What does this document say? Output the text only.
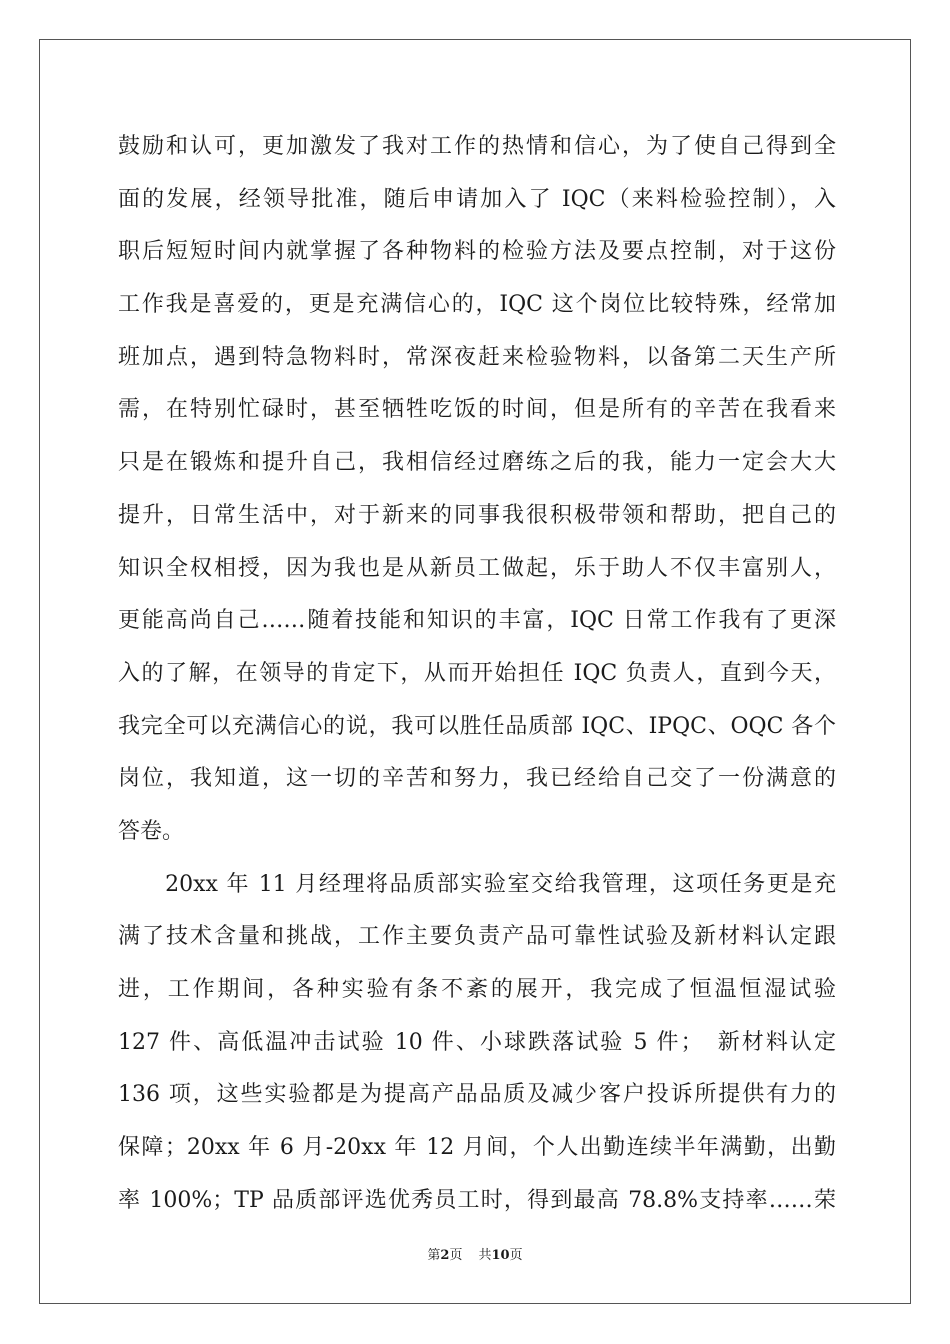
鼓励和认可，更加激发了我对工作的热情和信心，为了使自己得到全
面的发展，经领导批准，随后申请加入了 IQC（来料检验控制），入
职后短短时间内就掌握了各种物料的检验方法及要点控制，对于这份
工作我是喜爱的，更是充满信心的，IQC 这个岗位比较特殊，经常加
班加点，遇到特急物料时，常深夜赶来检验物料，以备第二天生产所
需，在特别忙碌时，甚至牺牲吃饭的时间，但是所有的辛苦在我看来
只是在锻炼和提升自己，我相信经过磨练之后的我，能力一定会大大
提升，日常生活中，对于新来的同事我很积极带领和帮助，把自己的
知识全权相授，因为我也是从新员工做起，乐于助人不仅丰富别人，
更能高尚自己……随着技能和知识的丰富，IQC 日常工作我有了更深
入的了解，在领导的肯定下，从而开始担任 IQC 负责人，直到今天，
我完全可以充满信心的说，我可以胜任品质部 IQC、IPQC、OQC 各个
岗位，我知道，这一切的辛苦和努力，我已经给自己交了一份满意的
答卷。
　　20xx 年 11 月经理将品质部实验室交给我管理，这项任务更是充
满了技术含量和挑战，工作主要负责产品可靠性试验及新材料认定跟
进，工作期间，各种实验有条不紊的展开，我完成了恒温恒湿试验
127 件、高低温冲击试验 10 件、小球跌落试验 5 件；　新材料认定
136 项，这些实验都是为提高产品品质及减少客户投诉所提供有力的
保障；20xx 年 6 月-20xx 年 12 月间，个人出勤连续半年满勤，出勤
率 100%；TP 品质部评选优秀员工时，得到最高 78.8%支持率……荣
第2页 共10页
